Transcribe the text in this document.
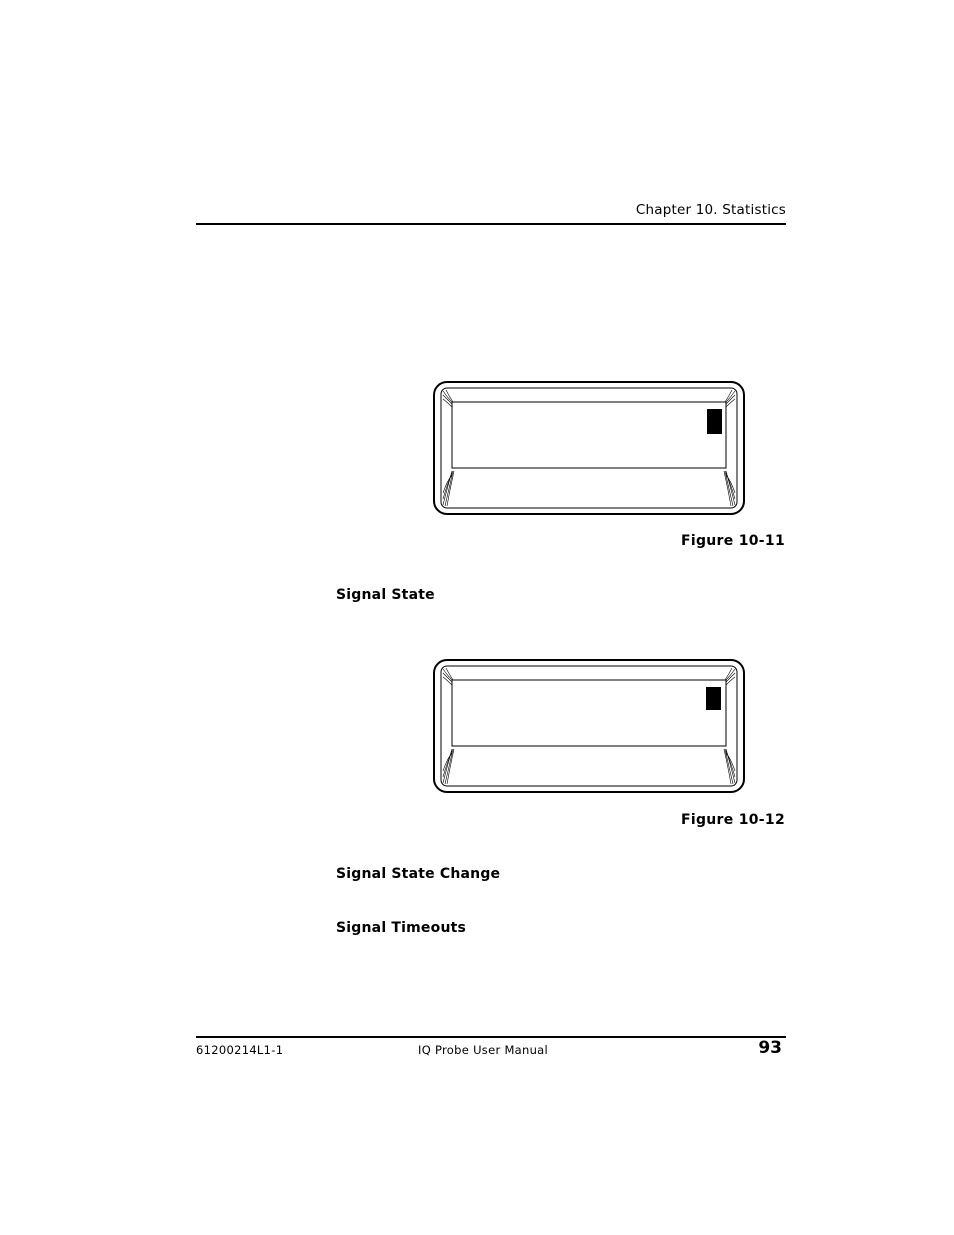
Chapter 10. Statistics
Figure 10-11
Signal State
Figure 10-12
Signal State Change
Signal Timeouts
61200214L1-1	IQ Probe User Manual	93
